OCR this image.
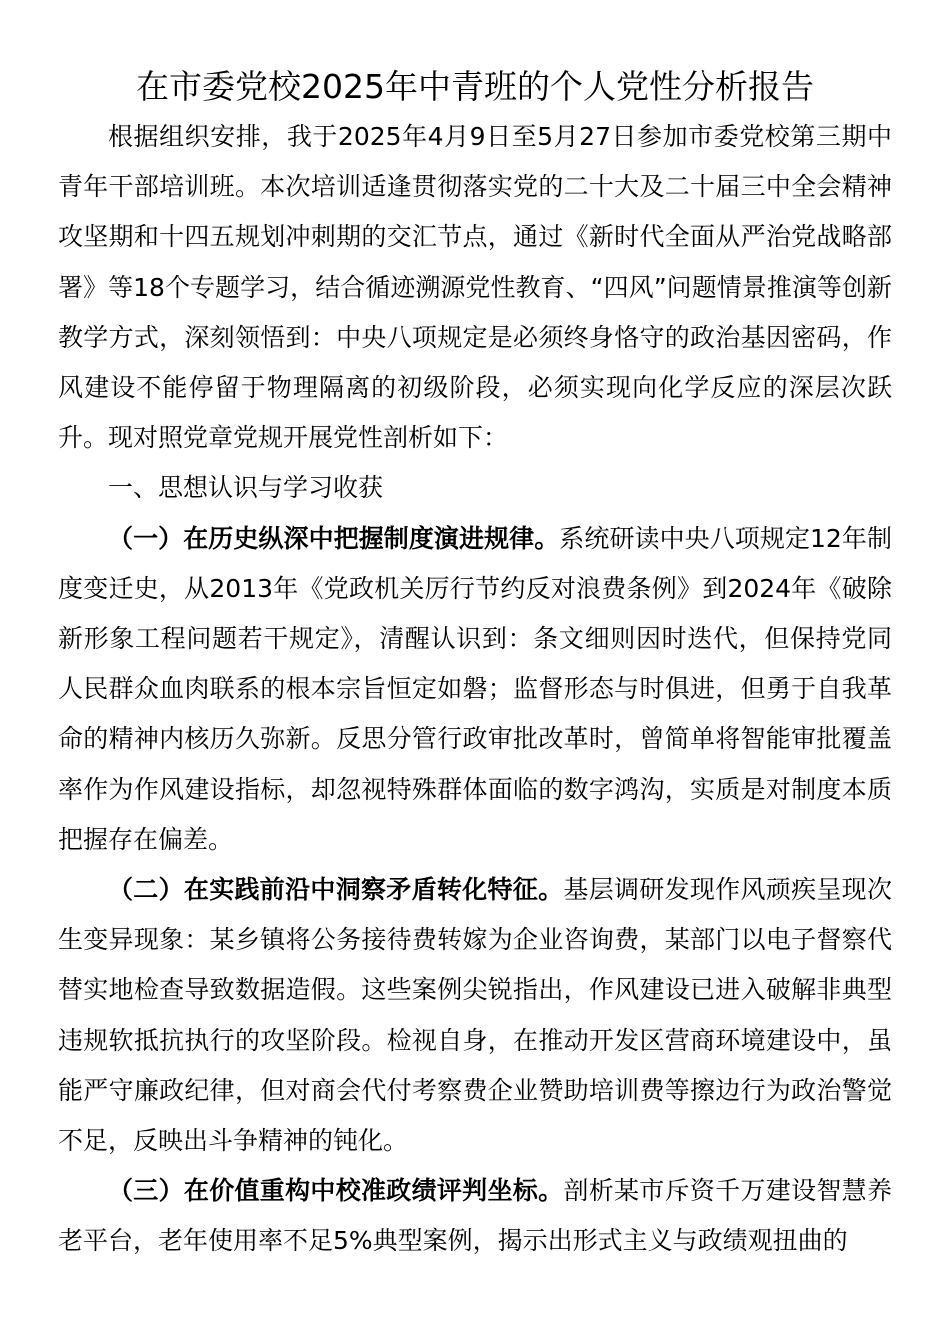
在市委党校2025年中青班的个人党性分析报告

根据组织安排，我于2025年4月9日至5月27日参加市委党校第三期中青年干部培训班。本次培训适逢贯彻落实党的二十大及二十届三中全会精神攻坚期和十四五规划冲刺期的交汇节点，通过《新时代全面从严治党战略部署》等18个专题学习，结合循迹溯源党性教育、“四风”问题情景推演等创新教学方式，深刻领悟到：中央八项规定是必须终身恪守的政治基因密码，作风建设不能停留于物理隔离的初级阶段，必须实现向化学反应的深层次跃升。现对照党章党规开展党性剖析如下：

一、思想认识与学习收获

（一）在历史纵深中把握制度演进规律。系统研读中央八项规定12年制度变迁史，从2013年《党政机关厉行节约反对浪费条例》到2024年《破除新形象工程问题若干规定》，清醒认识到：条文细则因时迭代，但保持党同人民群众血肉联系的根本宗旨恒定如磐；监督形态与时俱进，但勇于自我革命的精神内核历久弥新。反思分管行政审批改革时，曾简单将智能审批覆盖率作为作风建设指标，却忽视特殊群体面临的数字鸿沟，实质是对制度本质把握存在偏差。

（二）在实践前沿中洞察矛盾转化特征。基层调研发现作风顽疾呈现次生变异现象：某乡镇将公务接待费转嫁为企业咨询费，某部门以电子督察代替实地检查导致数据造假。这些案例尖锐指出，作风建设已进入破解非典型违规软抵抗执行的攻坚阶段。检视自身，在推动开发区营商环境建设中，虽能严守廉政纪律，但对商会代付考察费企业赞助培训费等擦边行为政治警觉不足，反映出斗争精神的钝化。

（三）在价值重构中校准政绩评判坐标。剖析某市斥资千万建设智慧养老平台，老年使用率不足5%典型案例，揭示出形式主义与政绩观扭曲的
